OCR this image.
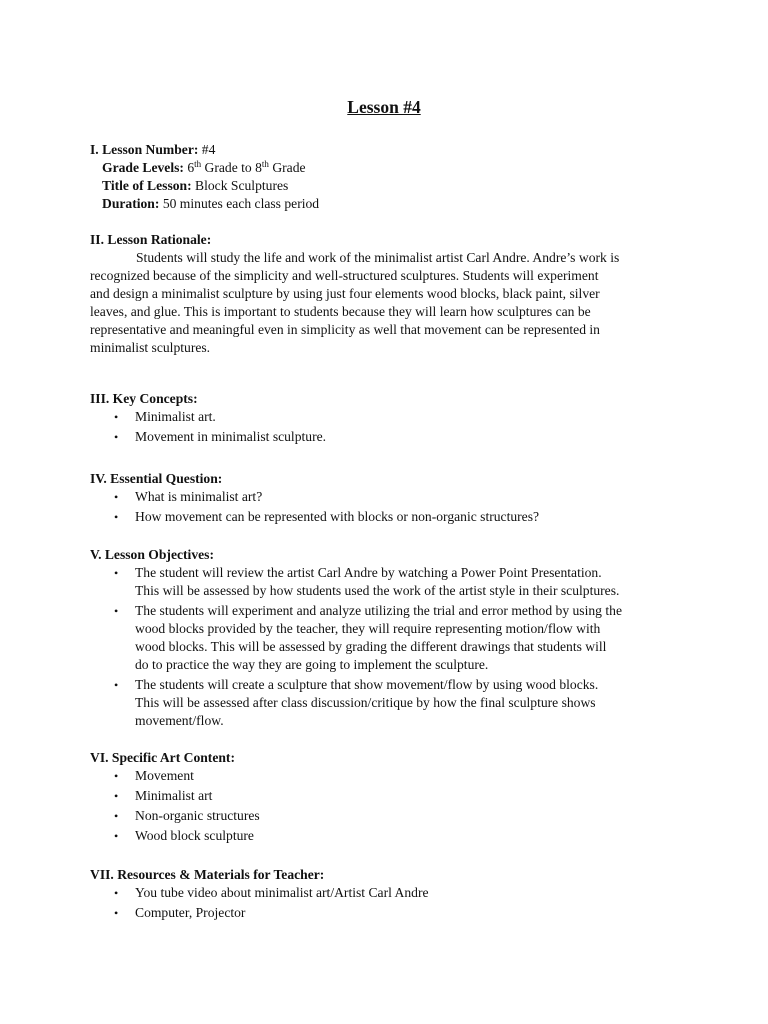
Lesson #4
I. Lesson Number: #4
Grade Levels: 6th Grade to 8th Grade
Title of Lesson: Block Sculptures
Duration: 50 minutes each class period
II. Lesson Rationale:
Students will study the life and work of the minimalist artist Carl Andre. Andre’s work is
recognized because of the simplicity and well-structured sculptures. Students will experiment
and design a minimalist sculpture by using just four elements wood blocks, black paint, silver
leaves, and glue. This is important to students because they will learn how sculptures can be
representative and meaningful even in simplicity as well that movement can be represented in
minimalist sculptures.
III. Key Concepts:
• Minimalist art.
• Movement in minimalist sculpture.
IV. Essential Question:
• What is minimalist art?
• How movement can be represented with blocks or non-organic structures?
V. Lesson Objectives:
• The student will review the artist Carl Andre by watching a Power Point Presentation.
This will be assessed by how students used the work of the artist style in their sculptures.
• The students will experiment and analyze utilizing the trial and error method by using the
wood blocks provided by the teacher, they will require representing motion/flow with
wood blocks. This will be assessed by grading the different drawings that students will
do to practice the way they are going to implement the sculpture.
• The students will create a sculpture that show movement/flow by using wood blocks.
This will be assessed after class discussion/critique by how the final sculpture shows
movement/flow.
VI. Specific Art Content:
• Movement
• Minimalist art
• Non-organic structures
• Wood block sculpture
VII. Resources & Materials for Teacher:
• You tube video about minimalist art/Artist Carl Andre
• Computer, Projector
